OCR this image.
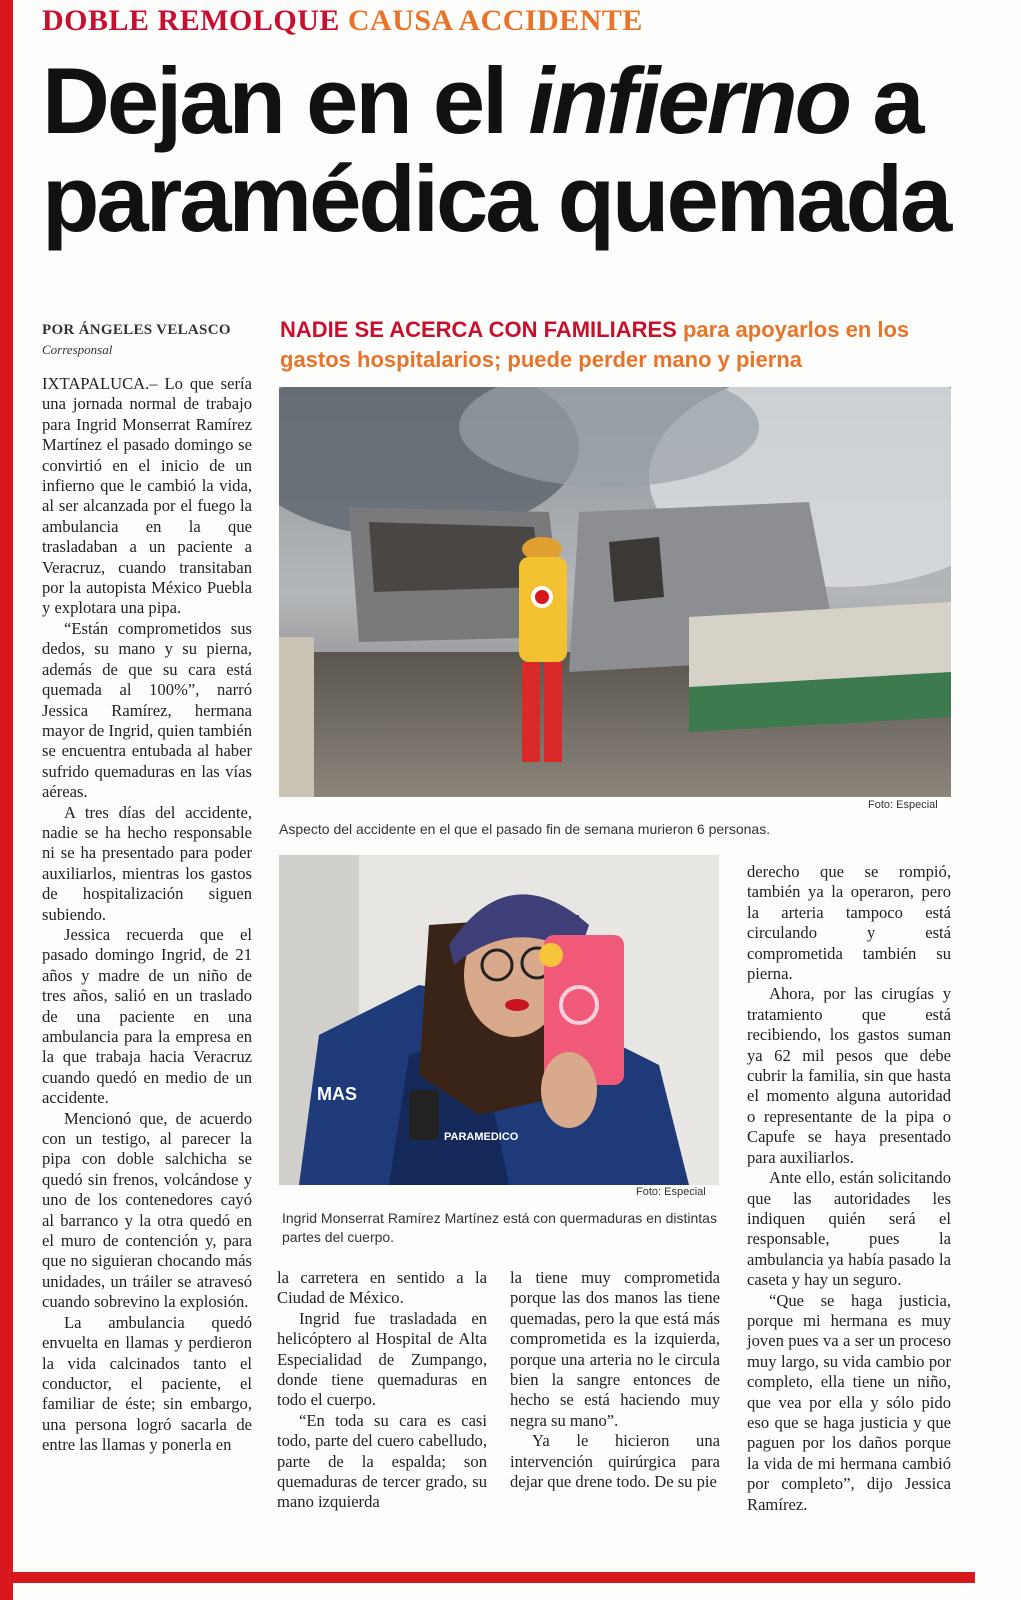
DOBLE REMOLQUE CAUSA ACCIDENTE
Dejan en el infierno a
paramédica quemada
POR ÁNGELES VELASCO
Corresponsal
NADIE SE ACERCA CON FAMILIARES para apoyarlos en los gastos hospitalarios; puede perder mano y pierna
Foto: Especial
Aspecto del accidente en el que el pasado fin de semana murieron 6 personas.
MAS
PARAMEDICO
Foto: Especial
Ingrid Monserrat Ramírez Martínez está con quermaduras en distintas partes del cuerpo.

IXTAPALUCA.– Lo que sería una jornada normal de trabajo para Ingrid Monserrat Ramírez Martínez el pasado domingo se convirtió en el inicio de un infierno que le cambió la vida, al ser alcanzada por el fuego la ambulancia en la que trasladaban a un paciente a Veracruz, cuando transitaban por la autopista México Puebla y explotara una pipa.

“Están comprometidos sus dedos, su mano y su pierna, además de que su cara está quemada al 100%”, narró Jessica Ramírez, hermana mayor de Ingrid, quien también se encuentra entubada al haber sufrido quemaduras en las vías aéreas.

A tres días del accidente, nadie se ha hecho responsable ni se ha presentado para poder auxiliarlos, mientras los gastos de hospitalización siguen subiendo.

Jessica recuerda que el pasado domingo Ingrid, de 21 años y madre de un niño de tres años, salió en un traslado de una paciente en una ambulancia para la empresa en la que trabaja hacia Veracruz cuando quedó en medio de un accidente.

Mencionó que, de acuerdo con un testigo, al parecer la pipa con doble salchicha se quedó sin frenos, volcándose y uno de los contenedores cayó al barranco y la otra quedó en el muro de contención y, para que no siguieran chocando más unidades, un tráiler se atravesó cuando sobrevino la explosión.

La ambulancia quedó envuelta en llamas y perdieron la vida calcinados tanto el conductor, el paciente, el familiar de éste; sin embargo, una persona logró sacarla de entre las llamas y ponerla en

la carretera en sentido a la Ciudad de México.

Ingrid fue trasladada en helicóptero al Hospital de Alta Especialidad de Zumpango, donde tiene quemaduras en todo el cuerpo.

“En toda su cara es casi todo, parte del cuero cabelludo, parte de la espalda; son quemaduras de tercer grado, su mano izquierda

la tiene muy comprometida porque las dos manos las tiene quemadas, pero la que está más comprometida es la izquierda, porque una arteria no le circula bien la sangre entonces de hecho se está haciendo muy negra su mano”.

Ya le hicieron una intervención quirúrgica para dejar que drene todo. De su pie

derecho que se rompió, también ya la operaron, pero la arteria tampoco está circulando y está comprometida también su pierna.

Ahora, por las cirugías y tratamiento que está recibiendo, los gastos suman ya 62 mil pesos que debe cubrir la familia, sin que hasta el momento alguna autoridad o representante de la pipa o Capufe se haya presentado para auxiliarlos.

Ante ello, están solicitando que las autoridades les indiquen quién será el responsable, pues la ambulancia ya había pasado la caseta y hay un seguro.

“Que se haga justicia, porque mi hermana es muy joven pues va a ser un proceso muy largo, su vida cambio por completo, ella tiene un niño, que vea por ella y sólo pido eso que se haga justicia y que paguen por los daños porque la vida de mi hermana cambió por completo”, dijo Jessica Ramírez.
